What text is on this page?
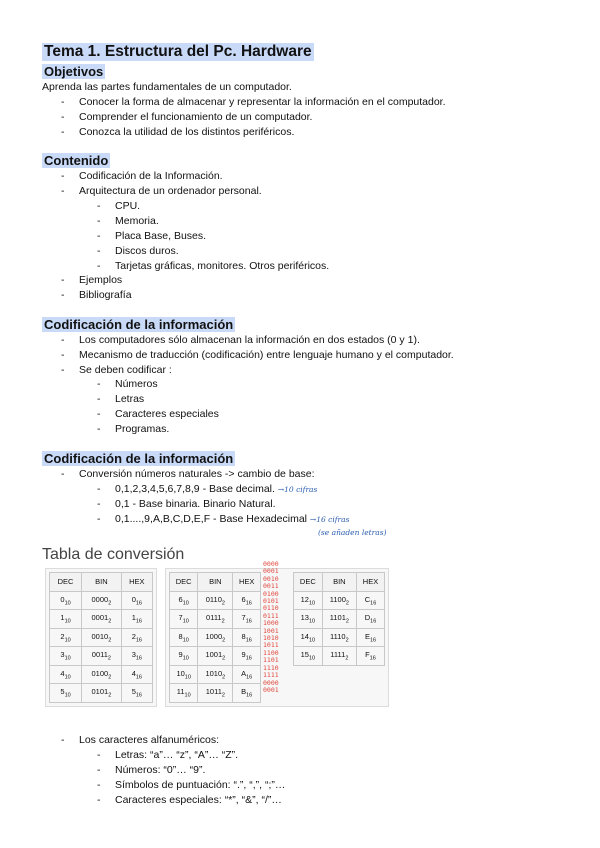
Tema 1. Estructura del Pc. Hardware
Objetivos
Aprenda las partes fundamentales de un computador.
- Conocer la forma de almacenar y representar la información en el computador.
- Comprender el funcionamiento de un computador.
- Conozca la utilidad de los distintos periféricos.
Contenido
- Codificación de la Información.
- Arquitectura de un ordenador personal.
- CPU.
- Memoria.
- Placa Base, Buses.
- Discos duros.
- Tarjetas gráficas, monitores. Otros periféricos.
- Ejemplos
- Bibliografía
Codificación de la información
- Los computadores sólo almacenan la información en dos estados (0 y 1).
- Mecanismo de traducción (codificación) entre lenguaje humano y el computador.
- Se deben codificar :
- Números
- Letras
- Caracteres especiales
- Programas.
Codificación de la información
- Conversión números naturales -> cambio de base:
- 0,1,2,3,4,5,6,7,8,9 - Base decimal. →10 cifras
- 0,1 - Base binaria. Binario Natural.
- 0,1....,9,A,B,C,D,E,F - Base Hexadecimal →16 cifras
(se añaden letras)
Tabla de conversión
DEC	BIN	HEX
$0_{10}$	$0000_2$	$0_{16}$
$1_{10}$	$0001_2$	$1_{16}$
$2_{10}$	$0010_2$	$2_{16}$
$3_{10}$	$0011_2$	$3_{16}$
$4_{10}$	$0100_2$	$4_{16}$
$5_{10}$	$0101_2$	$5_{16}$
DEC	BIN	HEX
$6_{10}$	$0110_2$	$6_{16}$
$7_{10}$	$0111_2$	$7_{16}$
$8_{10}$	$1000_2$	$8_{16}$
$9_{10}$	$1001_2$	$9_{16}$
$10_{10}$	$1010_2$	$A_{16}$
$11_{10}$	$1011_2$	$B_{16}$
DEC	BIN	HEX
$12_{10}$	$1100_2$	$C_{16}$
$13_{10}$	$1101_2$	$D_{16}$
$14_{10}$	$1110_2$	$E_{16}$
$15_{10}$	$1111_2$	$F_{16}$
0000
0001
0010
0011
0100
0101
0110
0111
1000
1001
1010
1011
1100
1101
1110
1111
0000
0001
- Los caracteres alfanuméricos:
- Letras: “a”… “z”, “A”… “Z”.
- Números: “0”… “9”.
- Símbolos de puntuación: “.”, “,”, “;”…
- Caracteres especiales: “*”, “&”, “/”…
